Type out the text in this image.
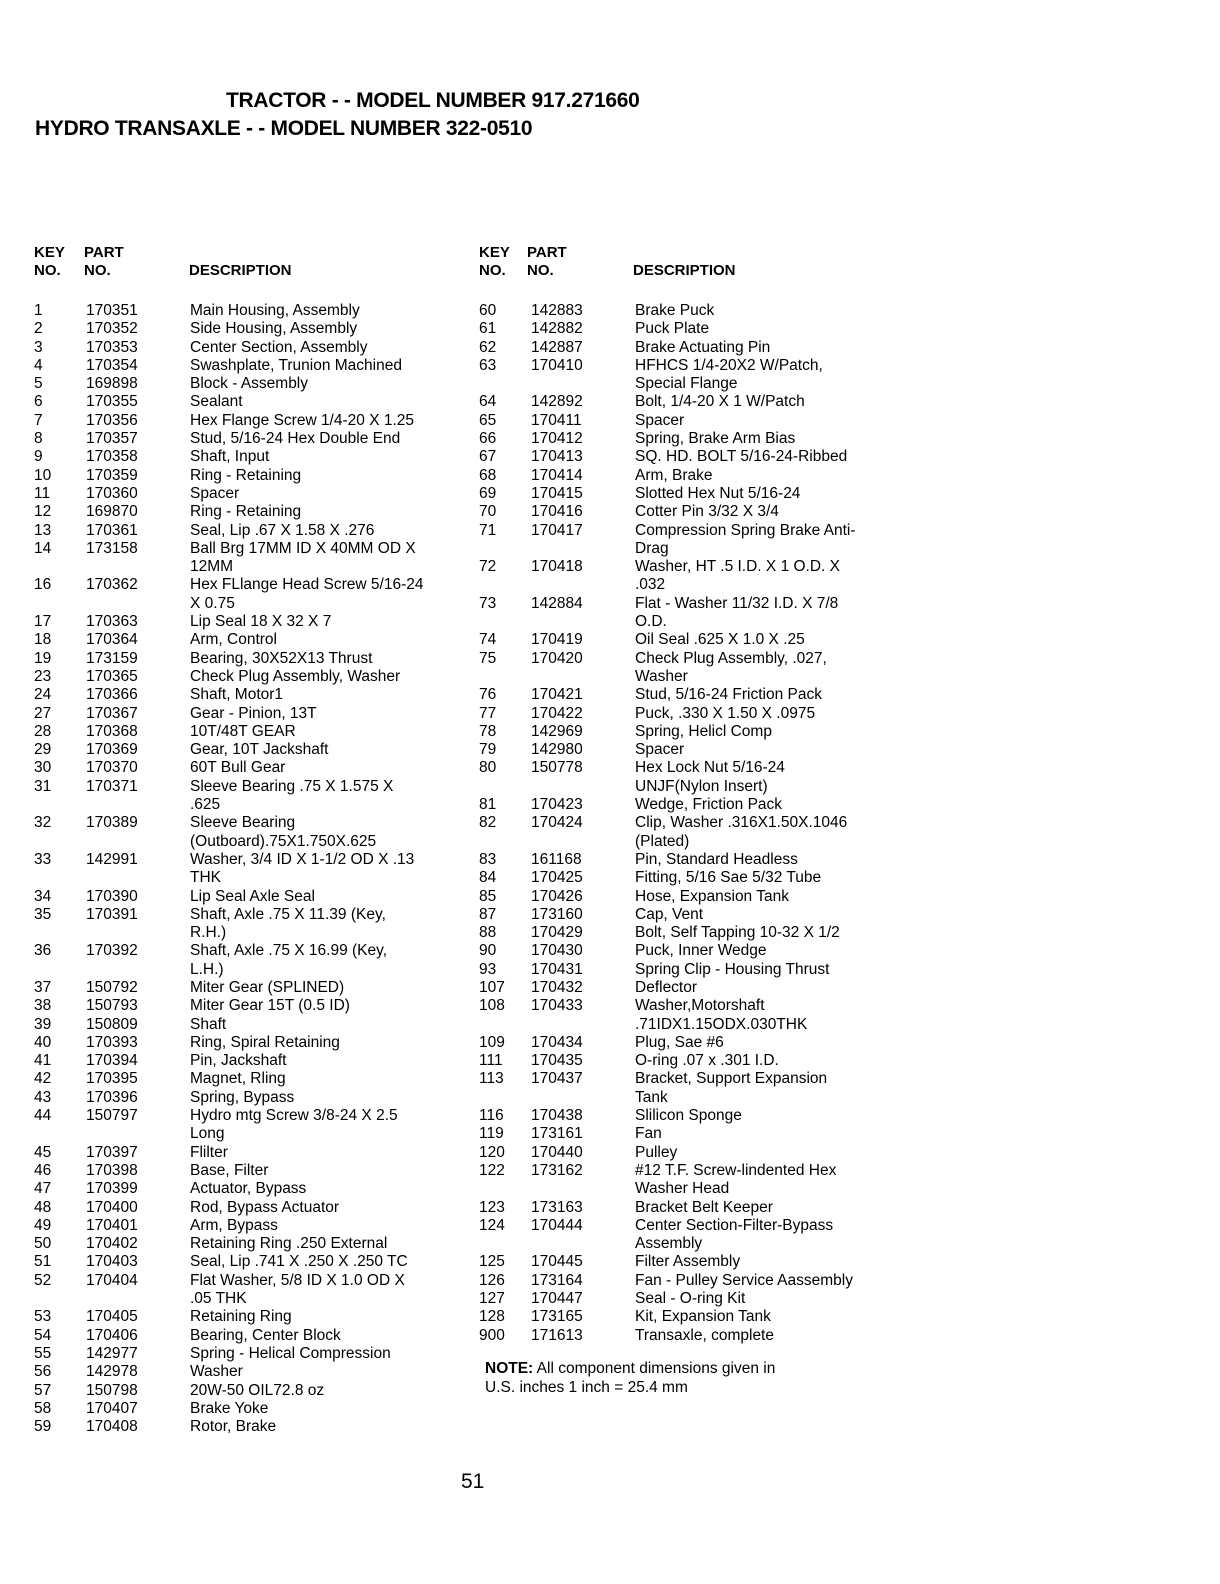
TRACTOR - - MODEL NUMBER 917.271660
HYDRO TRANSAXLE - - MODEL NUMBER 322-0510
KEY
NO.
PART
NO.	DESCRIPTION
1	170351	Main Housing, Assembly
2	170352	Side Housing, Assembly
3	170353	Center Section, Assembly
4	170354	Swashplate, Trunion Machined
5	169898	Block - Assembly
6	170355	Sealant
7	170356	Hex Flange Screw 1/4-20 X 1.25
8	170357	Stud, 5/16-24 Hex Double End
9	170358	Shaft, Input
10	170359	Ring - Retaining
11	170360	Spacer
12	169870	Ring - Retaining
13	170361	Seal, Lip .67 X 1.58 X .276
14	173158	Ball Brg 17MM ID X 40MM OD X
12MM
16	170362	Hex FLlange Head Screw 5/16-24
X 0.75
17	170363	Lip Seal 18 X 32 X 7
18	170364	Arm, Control
19	173159	Bearing, 30X52X13 Thrust
23	170365	Check Plug Assembly, Washer
24	170366	Shaft, Motor1
27	170367	Gear - Pinion, 13T
28	170368	10T/48T GEAR
29	170369	Gear, 10T Jackshaft
30	170370	60T Bull Gear
31	170371	Sleeve Bearing .75 X 1.575 X
.625
32	170389	Sleeve Bearing
(Outboard).75X1.750X.625
33	142991	Washer, 3/4 ID X 1-1/2 OD X .13
THK
34	170390	Lip Seal Axle Seal
35	170391	Shaft, Axle .75 X 11.39 (Key,
R.H.)
36	170392	Shaft, Axle .75 X 16.99 (Key,
L.H.)
37	150792	Miter Gear (SPLINED)
38	150793	Miter Gear 15T (0.5 ID)
39	150809	Shaft
40	170393	Ring, Spiral Retaining
41	170394	Pin, Jackshaft
42	170395	Magnet, Rling
43	170396	Spring, Bypass
44	150797	Hydro mtg Screw 3/8-24 X 2.5
Long
45	170397	Flilter
46	170398	Base, Filter
47	170399	Actuator, Bypass
48	170400	Rod, Bypass Actuator
49	170401	Arm, Bypass
50	170402	Retaining Ring .250 External
51	170403	Seal, Lip .741 X .250 X .250 TC
52	170404	Flat Washer, 5/8 ID X 1.0 OD X
.05 THK
53	170405	Retaining Ring
54	170406	Bearing, Center Block
55	142977	Spring - Helical Compression
56	142978	Washer
57	150798	20W-50 OIL72.8 oz
58	170407	Brake Yoke
59	170408	Rotor, Brake
KEY
NO.
PART
NO.	DESCRIPTION
60	142883	Brake Puck
61	142882	Puck Plate
62	142887	Brake Actuating Pin
63	170410	HFHCS 1/4-20X2 W/Patch,
Special Flange
64	142892	Bolt, 1/4-20 X 1 W/Patch
65	170411	Spacer
66	170412	Spring, Brake Arm Bias
67	170413	SQ. HD. BOLT 5/16-24-Ribbed
68	170414	Arm, Brake
69	170415	Slotted Hex Nut 5/16-24
70	170416	Cotter Pin 3/32 X 3/4
71	170417	Compression Spring Brake Anti-
Drag
72	170418	Washer, HT .5 I.D. X 1 O.D. X
.032
73	142884	Flat - Washer 11/32 I.D. X 7/8
O.D.
74	170419	Oil Seal .625 X 1.0 X .25
75	170420	Check Plug Assembly, .027,
Washer
76	170421	Stud, 5/16-24 Friction Pack
77	170422	Puck, .330 X 1.50 X .0975
78	142969	Spring, Helicl Comp
79	142980	Spacer
80	150778	Hex Lock Nut 5/16-24
UNJF(Nylon Insert)
81	170423	Wedge, Friction Pack
82	170424	Clip, Washer .316X1.50X.1046
(Plated)
83	161168	Pin, Standard Headless
84	170425	Fitting, 5/16 Sae 5/32 Tube
85	170426	Hose, Expansion Tank
87	173160	Cap, Vent
88	170429	Bolt, Self Tapping 10-32 X 1/2
90	170430	Puck, Inner Wedge
93	170431	Spring Clip - Housing Thrust
107	170432	Deflector
108	170433	Washer,Motorshaft
.71IDX1.15ODX.030THK
109	170434	Plug, Sae #6
111	170435	O-ring .07 x .301 I.D.
113	170437	Bracket, Support Expansion
Tank
116	170438	Slilicon Sponge
119	173161	Fan
120	170440	Pulley
122	173162	#12 T.F. Screw-lindented Hex
Washer Head
123	173163	Bracket Belt Keeper
124	170444	Center Section-Filter-Bypass
Assembly
125	170445	Filter Assembly
126	173164	Fan - Pulley Service Aassembly
127	170447	Seal - O-ring Kit
128	173165	Kit, Expansion Tank
900	171613	Transaxle, complete
NOTE: All component dimensions given in
U.S. inches 1 inch = 25.4 mm
51
